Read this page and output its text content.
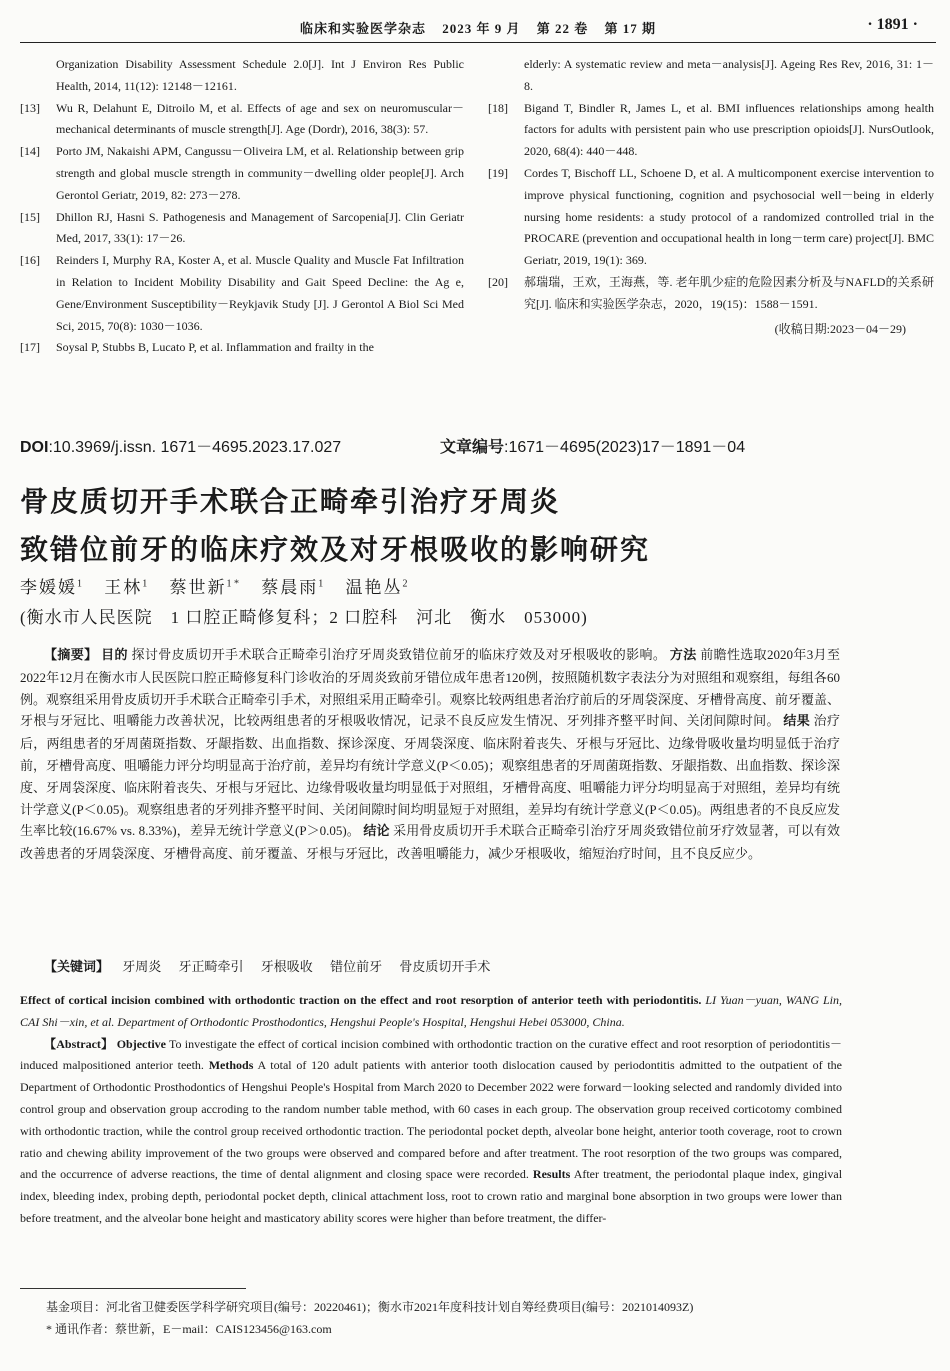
临床和实验医学杂志 2023 年 9 月 第 22 卷 第 17 期	· 1891 ·
Organization Disability Assessment Schedule 2.0[J]. Int J Environ Res Public Health, 2014, 11(12): 12148－12161.
[13] Wu R, Delahunt E, Ditroilo M, et al. Effects of age and sex on neuromuscular－mechanical determinants of muscle strength[J]. Age (Dordr), 2016, 38(3): 57.
[14] Porto JM, Nakaishi APM, Cangussu－Oliveira LM, et al. Relationship between grip strength and global muscle strength in community－dwelling older people[J]. Arch Gerontol Geriatr, 2019, 82: 273－278.
[15] Dhillon RJ, Hasni S. Pathogenesis and Management of Sarcopenia[J]. Clin Geriatr Med, 2017, 33(1): 17－26.
[16] Reinders I, Murphy RA, Koster A, et al. Muscle Quality and Muscle Fat Infiltration in Relation to Incident Mobility Disability and Gait Speed Decline: the Ag e, Gene/Environment Susceptibility－Reykjavik Study [J]. J Gerontol A Biol Sci Med Sci, 2015, 70(8): 1030－1036.
[17] Soysal P, Stubbs B, Lucato P, et al. Inflammation and frailty in the
elderly: A systematic review and meta－analysis[J]. Ageing Res Rev, 2016, 31: 1－8.
[18] Bigand T, Bindler R, James L, et al. BMI influences relationships among health factors for adults with persistent pain who use prescription opioids[J]. NursOutlook, 2020, 68(4): 440－448.
[19] Cordes T, Bischoff LL, Schoene D, et al. A multicomponent exercise intervention to improve physical functioning, cognition and psychosocial well－being in elderly nursing home residents: a study protocol of a randomized controlled trial in the PROCARE (prevention and occupational health in long－term care) project[J]. BMC Geriatr, 2019, 19(1): 369.
[20] 郝瑞瑞，王欢，王海燕，等. 老年肌少症的危险因素分析及与NAFLD的关系研究[J]. 临床和实验医学杂志，2020，19(15)：1588－1591.
(收稿日期:2023－04－29)
DOI:10.3969/j.issn. 1671－4695.2023.17.027	文章编号:1671－4695(2023)17－1891－04
骨皮质切开手术联合正畸牵引治疗牙周炎
致错位前牙的临床疗效及对牙根吸收的影响研究
李媛媛$^1$ 王林$^1$ 蔡世新$^{1 *}$ 蔡晨雨$^1$ 温艳丛$^2$
(衡水市人民医院　1 口腔正畸修复科；2 口腔科　河北　衡水　053000)
【摘要】 目的 探讨骨皮质切开手术联合正畸牵引治疗牙周炎致错位前牙的临床疗效及对牙根吸收的影响。 方法 前瞻性选取2020年3月至2022年12月在衡水市人民医院口腔正畸修复科门诊收治的牙周炎致前牙错位成年患者120例，按照随机数字表法分为对照组和观察组，每组各60例。观察组采用骨皮质切开手术联合正畸牵引手术，对照组采用正畸牵引。观察比较两组患者治疗前后的牙周袋深度、牙槽骨高度、前牙覆盖、牙根与牙冠比、咀嚼能力改善状况，比较两组患者的牙根吸收情况，记录不良反应发生情况、牙列排齐整平时间、关闭间隙时间。 结果 治疗后，两组患者的牙周菌斑指数、牙龈指数、出血指数、探诊深度、牙周袋深度、临床附着丧失、牙根与牙冠比、边缘骨吸收量均明显低于治疗前，牙槽骨高度、咀嚼能力评分均明显高于治疗前，差异均有统计学意义(P＜0.05)；观察组患者的牙周菌斑指数、牙龈指数、出血指数、探诊深度、牙周袋深度、临床附着丧失、牙根与牙冠比、边缘骨吸收量均明显低于对照组，牙槽骨高度、咀嚼能力评分均明显高于对照组，差异均有统计学意义(P＜0.05)。观察组患者的牙列排齐整平时间、关闭间隙时间均明显短于对照组，差异均有统计学意义(P＜0.05)。两组患者的不良反应发生率比较(16.67% vs. 8.33%)，差异无统计学意义(P＞0.05)。 结论 采用骨皮质切开手术联合正畸牵引治疗牙周炎致错位前牙疗效显著，可以有效改善患者的牙周袋深度、牙槽骨高度、前牙覆盖、牙根与牙冠比，改善咀嚼能力，减少牙根吸收，缩短治疗时间，且不良反应少。
【关键词】 牙周炎 牙正畸牵引 牙根吸收 错位前牙 骨皮质切开手术
Effect of cortical incision combined with orthodontic traction on the effect and root resorption of anterior teeth with periodontitis. LI Yuan－yuan, WANG Lin, CAI Shi－xin, et al. Department of Orthodontic Prosthodontics, Hengshui People's Hospital, Hengshui Hebei 053000, China.
【Abstract】 Objective To investigate the effect of cortical incision combined with orthodontic traction on the curative effect and root resorption of periodontitis－induced malpositioned anterior teeth. Methods A total of 120 adult patients with anterior tooth dislocation caused by periodontitis admitted to the outpatient of the Department of Orthodontic Prosthodontics of Hengshui People's Hospital from March 2020 to December 2022 were forward－looking selected and randomly divided into control group and observation group accroding to the random number table method, with 60 cases in each group. The observation group received corticotomy combined with orthodontic traction, while the control group received orthodontic traction. The periodontal pocket depth, alveolar bone height, anterior tooth coverage, root to crown ratio and chewing ability improvement of the two groups were observed and compared before and after treatment. The root resorption of the two groups was compared, and the occurrence of adverse reactions, the time of dental alignment and closing space were recorded. Results After treatment, the periodontal plaque index, gingival index, bleeding index, probing depth, periodontal pocket depth, clinical attachment loss, root to crown ratio and marginal bone absorption in two groups were lower than before treatment, and the alveolar bone height and masticatory ability scores were higher than before treatment, the differ-
基金项目：河北省卫健委医学科学研究项目(编号：20220461)；衡水市2021年度科技计划自筹经费项目(编号：2021014093Z)
* 通讯作者：蔡世新，E－mail：CAIS123456@163.com
